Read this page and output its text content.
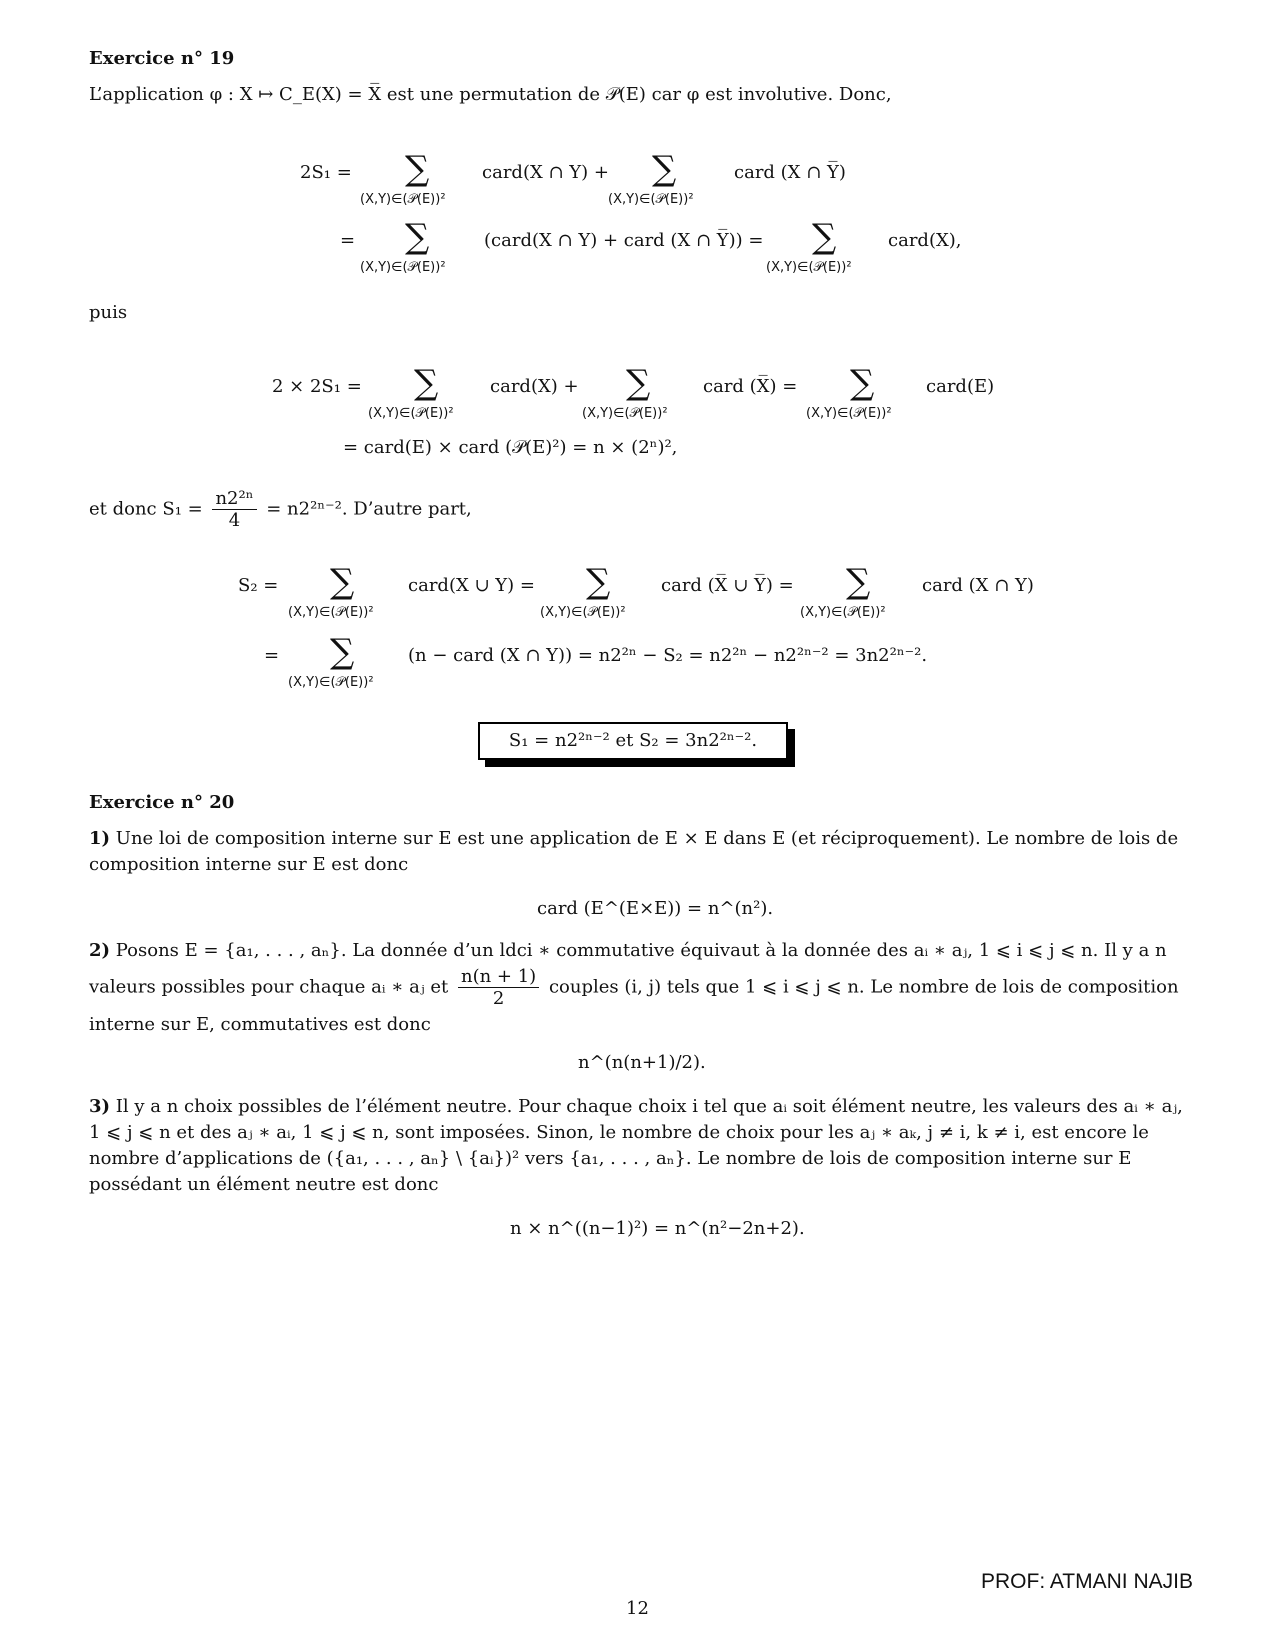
Exercice n° 19
L’application φ : X ↦ C_E(X) = X̅ est une permutation de 𝒫(E) car φ est involutive. Donc,
2S₁ = ∑
(X,Y)∈(𝒫(E))²
card(X ∩ Y) + ∑
(X,Y)∈(𝒫(E))²
card (X ∩ Y̅)
= ∑
(X,Y)∈(𝒫(E))²
(card(X ∩ Y) + card (X ∩ Y̅)) = ∑
(X,Y)∈(𝒫(E))²
card(X),
puis
2 × 2S₁ = ∑
(X,Y)∈(𝒫(E))²
card(X) + ∑
(X,Y)∈(𝒫(E))²
card (X̅) = ∑
(X,Y)∈(𝒫(E))²
card(E)
= card(E) × card (𝒫(E)²) = n × (2ⁿ)²,
et donc $S_1 = \frac{\text{n2²ⁿ}}{4} = n2^{2n-2}$. D’autre part,
S₂ = ∑
(X,Y)∈(𝒫(E))²
card(X ∪ Y) = ∑
(X,Y)∈(𝒫(E))²
card (X̅ ∪ Y̅) = ∑
(X,Y)∈(𝒫(E))²
card (X ∩ Y)
= ∑
(X,Y)∈(𝒫(E))²
(n − card (X ∩ Y)) = n2²ⁿ − S₂ = n2²ⁿ − n2²ⁿ⁻² = 3n2²ⁿ⁻².
S₁ = n2²ⁿ⁻² et S₂ = 3n2²ⁿ⁻².
Exercice n° 20
1) Une loi de composition interne sur E est une application de E × E dans E (et réciproquement). Le nombre de lois de composition interne sur E est donc
card (E^(E×E)) = n^(n²).
2) Posons E = {a₁, . . . , aₙ}. La donnée d’un ldci ∗ commutative équivaut à la donnée des aᵢ ∗ aⱼ, 1 ⩽ i ⩽ j ⩽ n. Il y a n
valeurs possibles pour chaque aᵢ ∗ aⱼ et $\frac{n(n + 1)}{2}$ couples (i, j) tels que 1 ⩽ i ⩽ j ⩽ n. Le nombre de lois de composition
interne sur E, commutatives est donc
n^(n(n+1)/2).
3) Il y a n choix possibles de l’élément neutre. Pour chaque choix i tel que aᵢ soit élément neutre, les valeurs des aᵢ ∗ aⱼ, 1 ⩽ j ⩽ n et des aⱼ ∗ aᵢ, 1 ⩽ j ⩽ n, sont imposées. Sinon, le nombre de choix pour les aⱼ ∗ aₖ, j ≠ i, k ≠ i, est encore le nombre d’applications de ({a₁, . . . , aₙ} \ {aᵢ})² vers {a₁, . . . , aₙ}. Le nombre de lois de composition interne sur E possédant un élément neutre est donc
n × n^((n−1)²) = n^(n²−2n+2).
PROF: ATMANI NAJIB
12
